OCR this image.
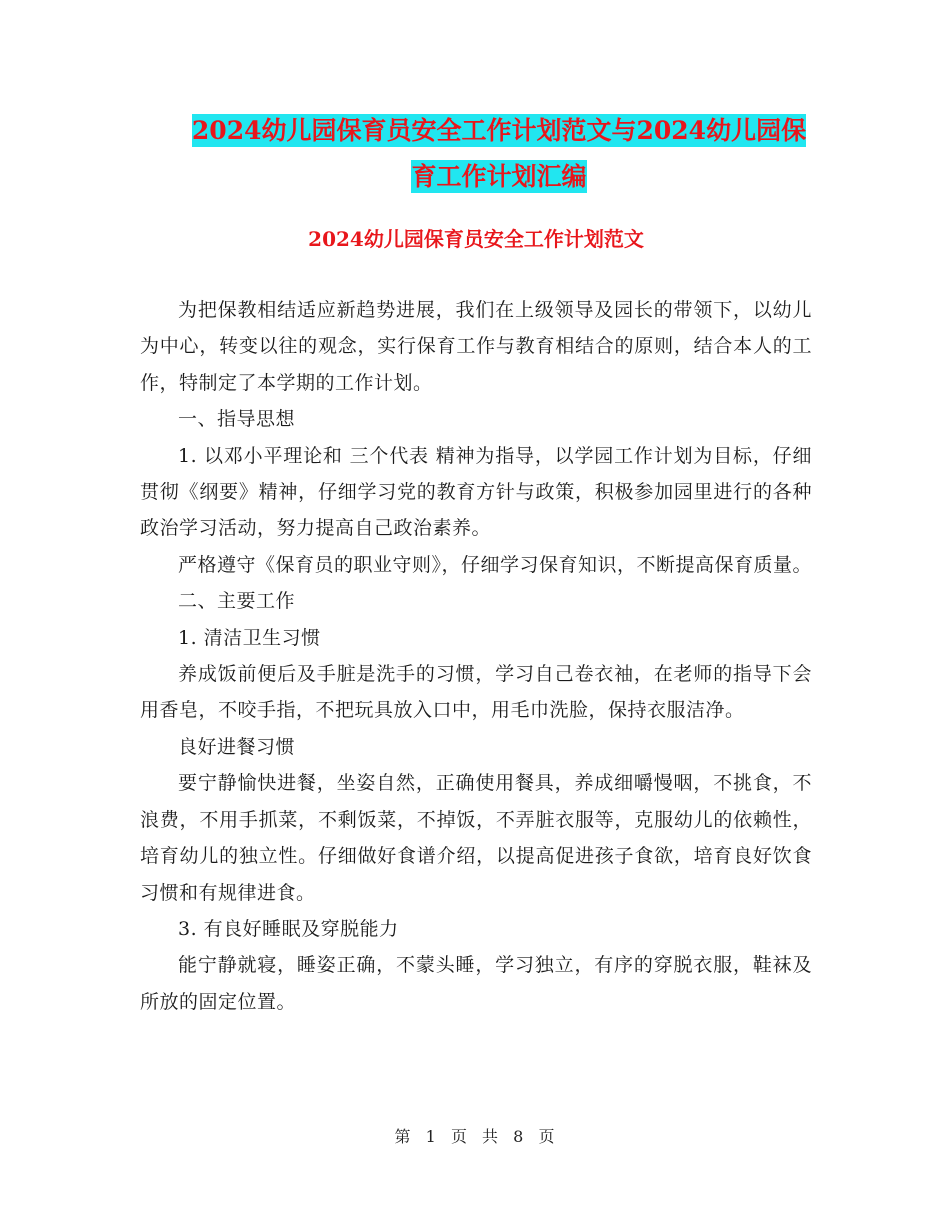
2024幼儿园保育员安全工作计划范文与2024幼儿园保
育工作计划汇编
2024幼儿园保育员安全工作计划范文

为把保教相结适应新趋势进展，我们在上级领导及园长的带领下，以幼儿为中心，转变以往的观念，实行保育工作与教育相结合的原则，结合本人的工作，特制定了本学期的工作计划。

一、指导思想

1. 以邓小平理论和 三个代表 精神为指导，以学园工作计划为目标，仔细贯彻《纲要》精神，仔细学习党的教育方针与政策，积极参加园里进行的各种政治学习活动，努力提高自己政治素养。

严格遵守《保育员的职业守则》，仔细学习保育知识，不断提高保育质量。

二、主要工作

1. 清洁卫生习惯

养成饭前便后及手脏是洗手的习惯，学习自己卷衣袖，在老师的指导下会用香皂，不咬手指，不把玩具放入口中，用毛巾洗脸，保持衣服洁净。

良好进餐习惯

要宁静愉快进餐，坐姿自然，正确使用餐具，养成细嚼慢咽，不挑食，不浪费，不用手抓菜，不剩饭菜，不掉饭，不弄脏衣服等，克服幼儿的依赖性，培育幼儿的独立性。仔细做好食谱介绍，以提高促进孩子食欲，培育良好饮食习惯和有规律进食。

3. 有良好睡眠及穿脱能力

能宁静就寝，睡姿正确，不蒙头睡，学习独立，有序的穿脱衣服，鞋袜及所放的固定位置。

第 1 页 共 8 页
